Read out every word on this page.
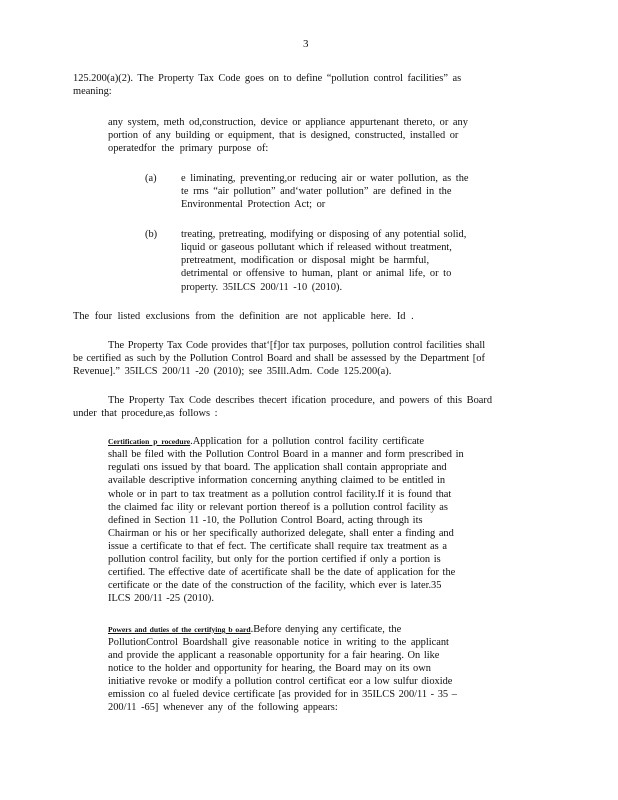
3

125.200(a)(2). The Property Tax Code goes on to define “pollution control facilities” as

meaning:

any system, meth od,construction, device or appliance appurtenant thereto, or any

portion of any building or equipment, that is designed, constructed, installed or

operatedfor the primary purpose of:

(a) e liminating, preventing,or reducing air or water pollution, as the

te rms “air pollution” and‘water pollution” are defined in the

Environmental Protection Act; or

(b) treating, pretreating, modifying or disposing of any potential solid,

liquid or gaseous pollutant which if released without treatment,

pretreatment, modification or disposal might be harmful,

detrimental or offensive to human, plant or animal life, or to

property. 35ILCS 200/11 -10 (2010).

The four listed exclusions from the definition are not applicable here. Id .

The Property Tax Code provides that‘[f]or tax purposes, pollution control facilities shall

be certified as such by the Pollution Control Board and shall be assessed by the Department [of

Revenue].” 35ILCS 200/11 -20 (2010); see 35Ill.Adm. Code 125.200(a).

The Property Tax Code describes thecert ification procedure, and powers of this Board

under that procedure,as follows :

Certification p rocedure.Application for a pollution control facility certificate

shall be filed with the Pollution Control Board in a manner and form prescribed in

regulati ons issued by that board. The application shall contain appropriate and

available descriptive information concerning anything claimed to be entitled in

whole or in part to tax treatment as a pollution control facility.If it is found that

the claimed fac ility or relevant portion thereof is a pollution control facility as

defined in Section 11 -10, the Pollution Control Board, acting through its

Chairman or his or her specifically authorized delegate, shall enter a finding and

issue a certificate to that ef fect. The certificate shall require tax treatment as a

pollution control facility, but only for the portion certified if only a portion is

certified. The effective date of acertificate shall be the date of application for the

certificate or the date of the construction of the facility, which ever is later.35

ILCS 200/11 -25 (2010).

Powers and duties of the certifying b oard.Before denying any certificate, the

PollutionControl Boardshall give reasonable notice in writing to the applicant

and provide the applicant a reasonable opportunity for a fair hearing. On like

notice to the holder and opportunity for hearing, the Board may on its own

initiative revoke or modify a pollution control certificat eor a low sulfur dioxide

emission co al fueled device certificate [as provided for in 35ILCS 200/11 - 35 –

200/11 -65] whenever any of the following appears:
